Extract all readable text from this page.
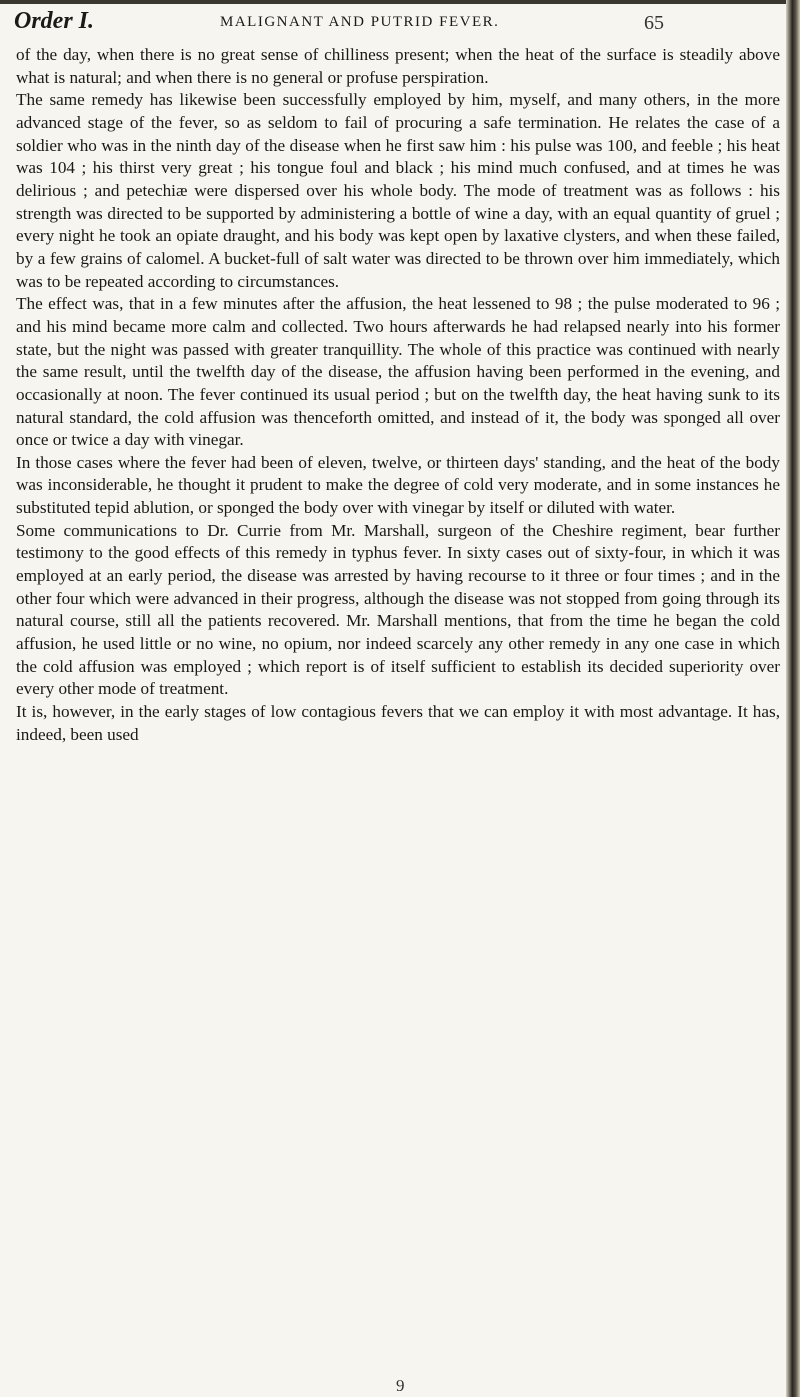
Order I.	MALIGNANT AND PUTRID FEVER.	65

of the day, when there is no great sense of chilliness present; when the heat of the surface is steadily above what is natural; and when there is no general or profuse perspiration.

The same remedy has likewise been successfully employed by him, myself, and many others, in the more advanced stage of the fever, so as seldom to fail of procuring a safe termination. He relates the case of a soldier who was in the ninth day of the disease when he first saw him : his pulse was 100, and feeble ; his heat was 104 ; his thirst very great ; his tongue foul and black ; his mind much confused, and at times he was delirious ; and petechiæ were dispersed over his whole body. The mode of treatment was as follows : his strength was directed to be supported by administering a bottle of wine a day, with an equal quantity of gruel ; every night he took an opiate draught, and his body was kept open by laxative clysters, and when these failed, by a few grains of calomel. A bucket-full of salt water was directed to be thrown over him immediately, which was to be repeated according to circumstances.

The effect was, that in a few minutes after the affusion, the heat lessened to 98 ; the pulse moderated to 96 ; and his mind became more calm and collected. Two hours afterwards he had relapsed nearly into his former state, but the night was passed with greater tranquillity. The whole of this practice was continued with nearly the same result, until the twelfth day of the disease, the affusion having been performed in the evening, and occasionally at noon. The fever continued its usual period ; but on the twelfth day, the heat having sunk to its natural standard, the cold affusion was thenceforth omitted, and instead of it, the body was sponged all over once or twice a day with vinegar.

In those cases where the fever had been of eleven, twelve, or thirteen days' standing, and the heat of the body was inconsiderable, he thought it prudent to make the degree of cold very moderate, and in some instances he substituted tepid ablution, or sponged the body over with vinegar by itself or diluted with water.

Some communications to Dr. Currie from Mr. Marshall, surgeon of the Cheshire regiment, bear further testimony to the good effects of this remedy in typhus fever. In sixty cases out of sixty-four, in which it was employed at an early period, the disease was arrested by having recourse to it three or four times ; and in the other four which were advanced in their progress, although the disease was not stopped from going through its natural course, still all the patients recovered. Mr. Marshall mentions, that from the time he began the cold affusion, he used little or no wine, no opium, nor indeed scarcely any other remedy in any one case in which the cold affusion was employed ; which report is of itself sufficient to establish its decided superiority over every other mode of treatment.

It is, however, in the early stages of low contagious fevers that we can employ it with most advantage. It has, indeed, been used

9
